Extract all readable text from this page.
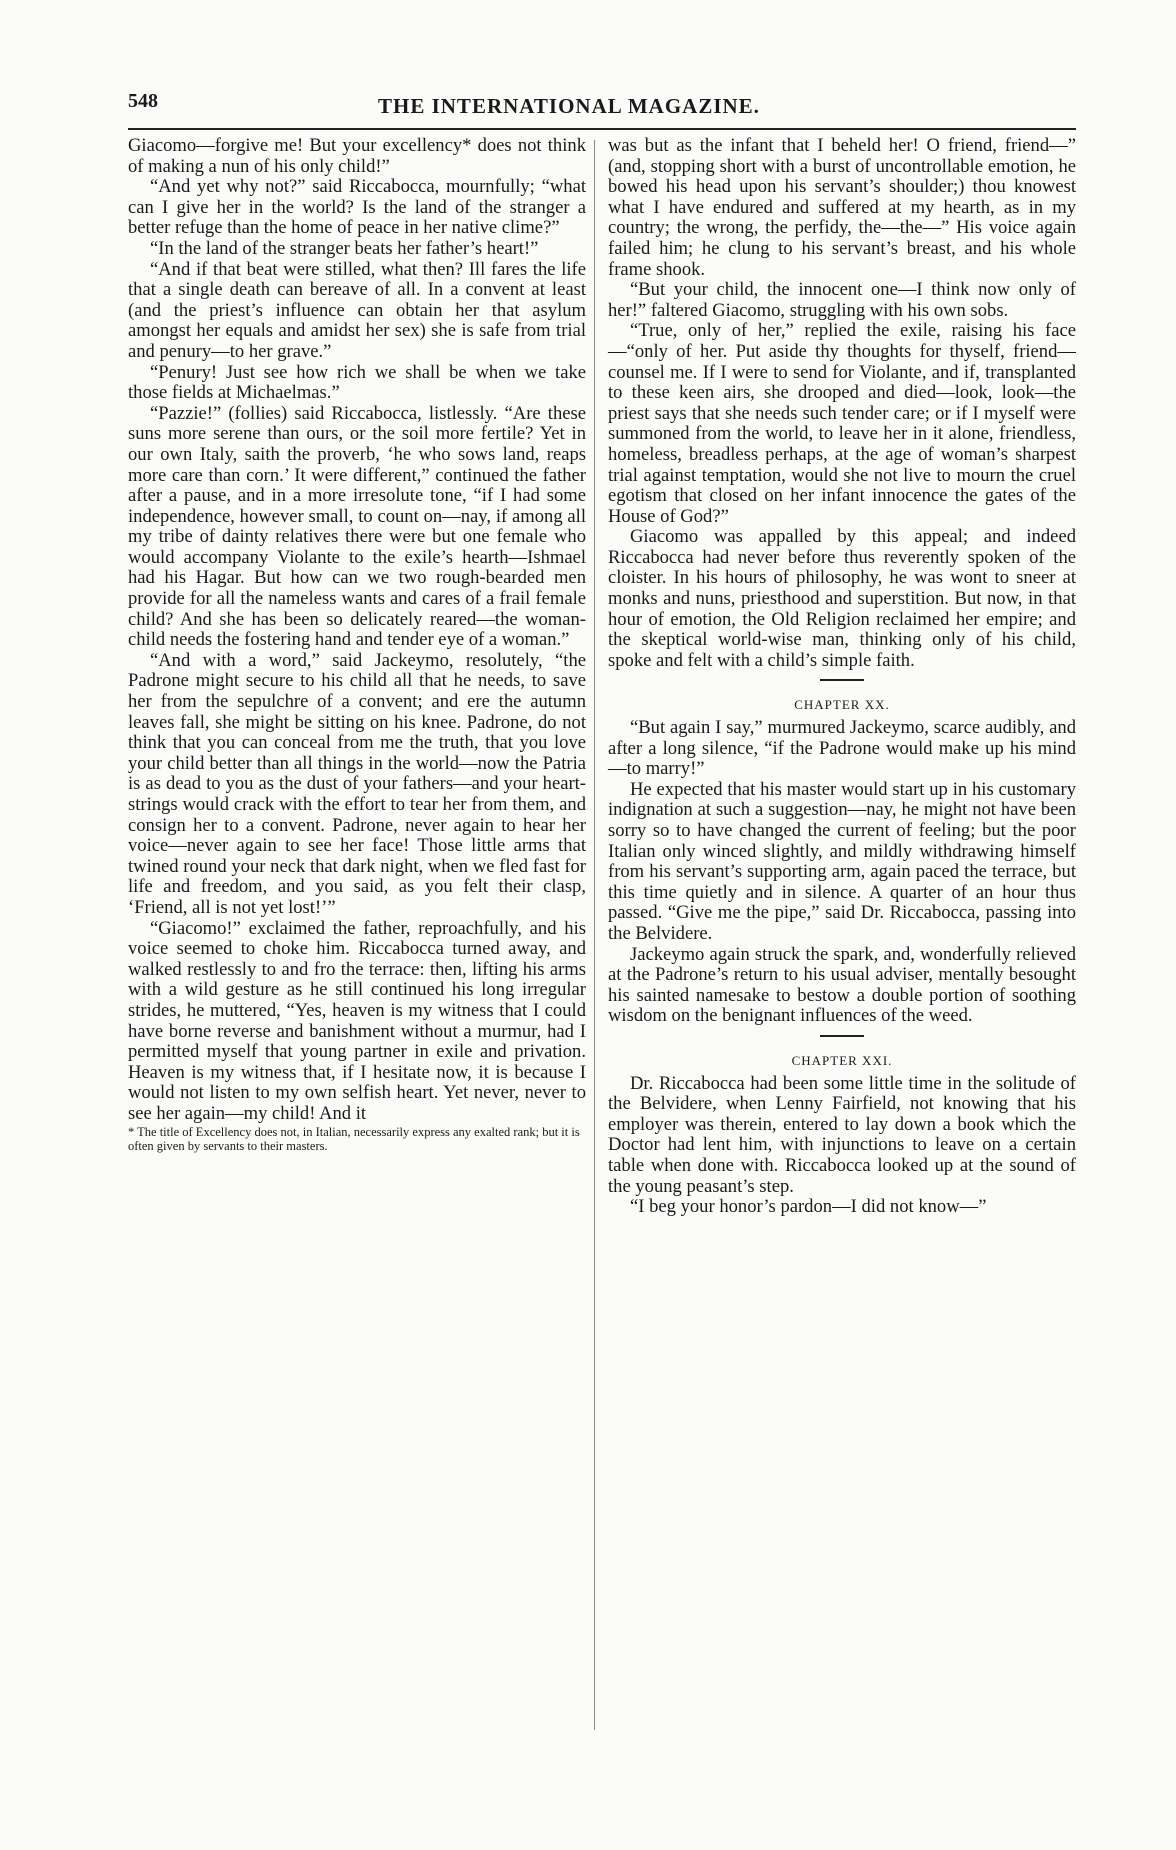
548	THE INTERNATIONAL MAGAZINE.

Giacomo—forgive me! But your excellency* does not think of making a nun of his only child!”

“And yet why not?” said Riccabocca, mournfully; “what can I give her in the world? Is the land of the stranger a better refuge than the home of peace in her native clime?”

“In the land of the stranger beats her father’s heart!”

“And if that beat were stilled, what then? Ill fares the life that a single death can bereave of all. In a convent at least (and the priest’s influence can obtain her that asylum amongst her equals and amidst her sex) she is safe from trial and penury—to her grave.”

“Penury! Just see how rich we shall be when we take those fields at Michaelmas.”

“Pazzie!” (follies) said Riccabocca, listlessly. “Are these suns more serene than ours, or the soil more fertile? Yet in our own Italy, saith the proverb, ‘he who sows land, reaps more care than corn.’ It were different,” continued the father after a pause, and in a more irresolute tone, “if I had some independence, however small, to count on—nay, if among all my tribe of dainty relatives there were but one female who would accompany Violante to the exile’s hearth—Ishmael had his Hagar. But how can we two rough-bearded men provide for all the nameless wants and cares of a frail female child? And she has been so delicately reared—the woman-child needs the fostering hand and tender eye of a woman.”

“And with a word,” said Jackeymo, resolutely, “the Padrone might secure to his child all that he needs, to save her from the sepulchre of a convent; and ere the autumn leaves fall, she might be sitting on his knee. Padrone, do not think that you can conceal from me the truth, that you love your child better than all things in the world—now the Patria is as dead to you as the dust of your fathers—and your heart-strings would crack with the effort to tear her from them, and consign her to a convent. Padrone, never again to hear her voice—never again to see her face! Those little arms that twined round your neck that dark night, when we fled fast for life and freedom, and you said, as you felt their clasp, ‘Friend, all is not yet lost!’”

“Giacomo!” exclaimed the father, reproachfully, and his voice seemed to choke him. Riccabocca turned away, and walked restlessly to and fro the terrace: then, lifting his arms with a wild gesture as he still continued his long irregular strides, he muttered, “Yes, heaven is my witness that I could have borne reverse and banishment without a murmur, had I permitted myself that young partner in exile and privation. Heaven is my witness that, if I hesitate now, it is because I would not listen to my own selfish heart. Yet never, never to see her again—my child! And it

* The title of Excellency does not, in Italian, necessarily express any exalted rank; but it is often given by servants to their masters.

was but as the infant that I beheld her! O friend, friend—” (and, stopping short with a burst of uncontrollable emotion, he bowed his head upon his servant’s shoulder;) thou knowest what I have endured and suffered at my hearth, as in my country; the wrong, the perfidy, the—the—” His voice again failed him; he clung to his servant’s breast, and his whole frame shook.

“But your child, the innocent one—I think now only of her!” faltered Giacomo, struggling with his own sobs.

“True, only of her,” replied the exile, raising his face—“only of her. Put aside thy thoughts for thyself, friend—counsel me. If I were to send for Violante, and if, transplanted to these keen airs, she drooped and died—look, look—the priest says that she needs such tender care; or if I myself were summoned from the world, to leave her in it alone, friendless, homeless, breadless perhaps, at the age of woman’s sharpest trial against temptation, would she not live to mourn the cruel egotism that closed on her infant innocence the gates of the House of God?”

Giacomo was appalled by this appeal; and indeed Riccabocca had never before thus reverently spoken of the cloister. In his hours of philosophy, he was wont to sneer at monks and nuns, priesthood and superstition. But now, in that hour of emotion, the Old Religion reclaimed her empire; and the skeptical world-wise man, thinking only of his child, spoke and felt with a child’s simple faith.

CHAPTER XX.

“But again I say,” murmured Jackeymo, scarce audibly, and after a long silence, “if the Padrone would make up his mind—to marry!”

He expected that his master would start up in his customary indignation at such a suggestion—nay, he might not have been sorry so to have changed the current of feeling; but the poor Italian only winced slightly, and mildly withdrawing himself from his servant’s supporting arm, again paced the terrace, but this time quietly and in silence. A quarter of an hour thus passed. “Give me the pipe,” said Dr. Riccabocca, passing into the Belvidere.

Jackeymo again struck the spark, and, wonderfully relieved at the Padrone’s return to his usual adviser, mentally besought his sainted namesake to bestow a double portion of soothing wisdom on the benignant influences of the weed.

CHAPTER XXI.

Dr. Riccabocca had been some little time in the solitude of the Belvidere, when Lenny Fairfield, not knowing that his employer was therein, entered to lay down a book which the Doctor had lent him, with injunctions to leave on a certain table when done with. Riccabocca looked up at the sound of the young peasant’s step.

“I beg your honor’s pardon—I did not know—”
